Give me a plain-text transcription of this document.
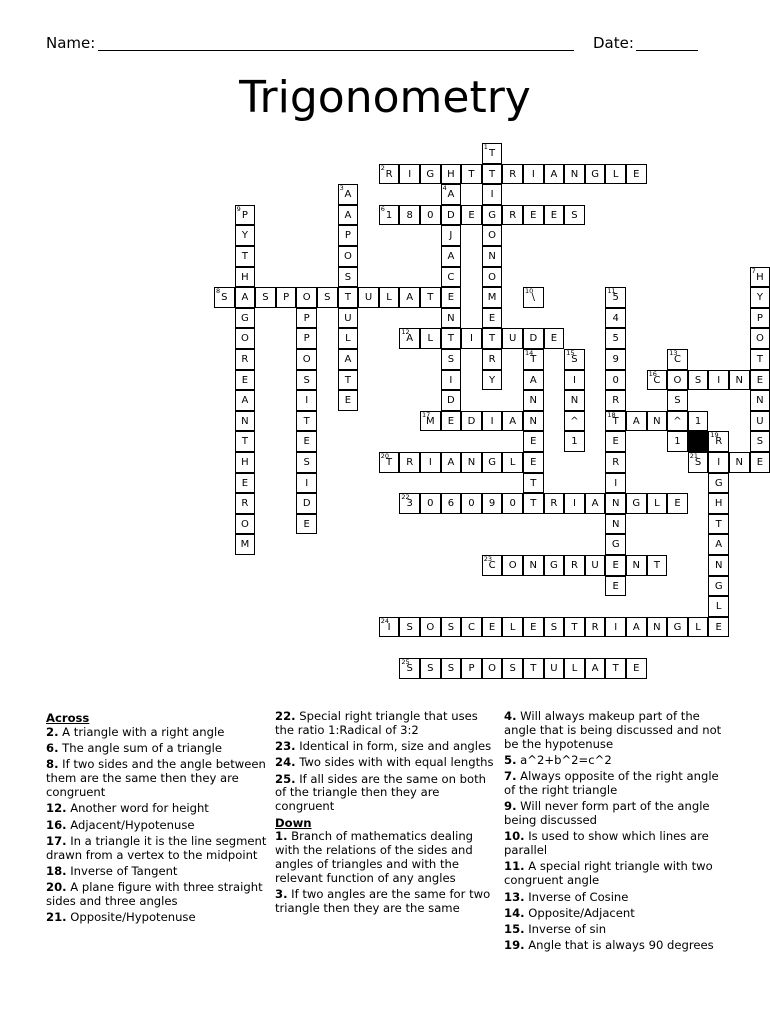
Name:	Date:
Trigonometry
2
R	I	G	H	T	T	R	I	A	N	G	L	E
6
1	8	0	D	E	G	R	E	E	S
8
S	A	S	P	O	S	T	U	L	A	T	E
12
A	L	T	I	T	U	D	E
16
C	O	S	I	N	E
17
M	E	D	I	A	N
18
T	A	N	^	1
20
T	R	I	A	N	G	L	E
21
S	I	N	E
22
3	0	6	0	9	0	T	R	I	A	N	G	L	E
23
C	O	N	G	R	U	E	N	T
24
I	S	O	S	C	E	L	E	S	T	R	I	A	N	G	L	E
25
S	S	S	P	O	S	T	U	L	A	T	E
1
T
I
O
N
O
M
E
R
Y
3
A
A
P
O
S
U
L
A
T
E
4
A
J
A
C
N
S
I
D
11
5
4
5
9
0
7
H
Y
P
O
T
N
U
S
9
P
Y
T
H
G
O
R
E
A
N
T
H
E
R
O
M
10
\
R
E
R
I
N
G
E
13
C
S
14
T
A
N
E
T
15
S
I
N
^
1
19
R
G
H
T
A
N
G
L
P
P
O
S
I
T
E
S
I
D
E
1
Across
2. A triangle with a right angle
6. The angle sum of a triangle
8. If two sides and the angle between them are the same then they are congruent
12. Another word for height
16. Adjacent/Hypotenuse
17. In a triangle it is the line segment drawn from a vertex to the midpoint
18. Inverse of Tangent
20. A plane figure with three straight sides and three angles
21. Opposite/Hypotenuse
22. Special right triangle that uses the ratio 1:Radical of 3:2
23. Identical in form, size and angles
24. Two sides with with equal lengths
25. If all sides are the same on both of the triangle then they are congruent
Down
1. Branch of mathematics dealing with the relations of the sides and angles of triangles and with the relevant function of any angles
3. If two angles are the same for two triangle then they are the same
4. Will always makeup part of the angle that is being discussed and not be the hypotenuse
5. a^2+b^2=c^2
7. Always opposite of the right angle of the right triangle
9. Will never form part of the angle being discussed
10. Is used to show which lines are parallel
11. A special right triangle with two congruent angle
13. Inverse of Cosine
14. Opposite/Adjacent
15. Inverse of sin
19. Angle that is always 90 degrees
